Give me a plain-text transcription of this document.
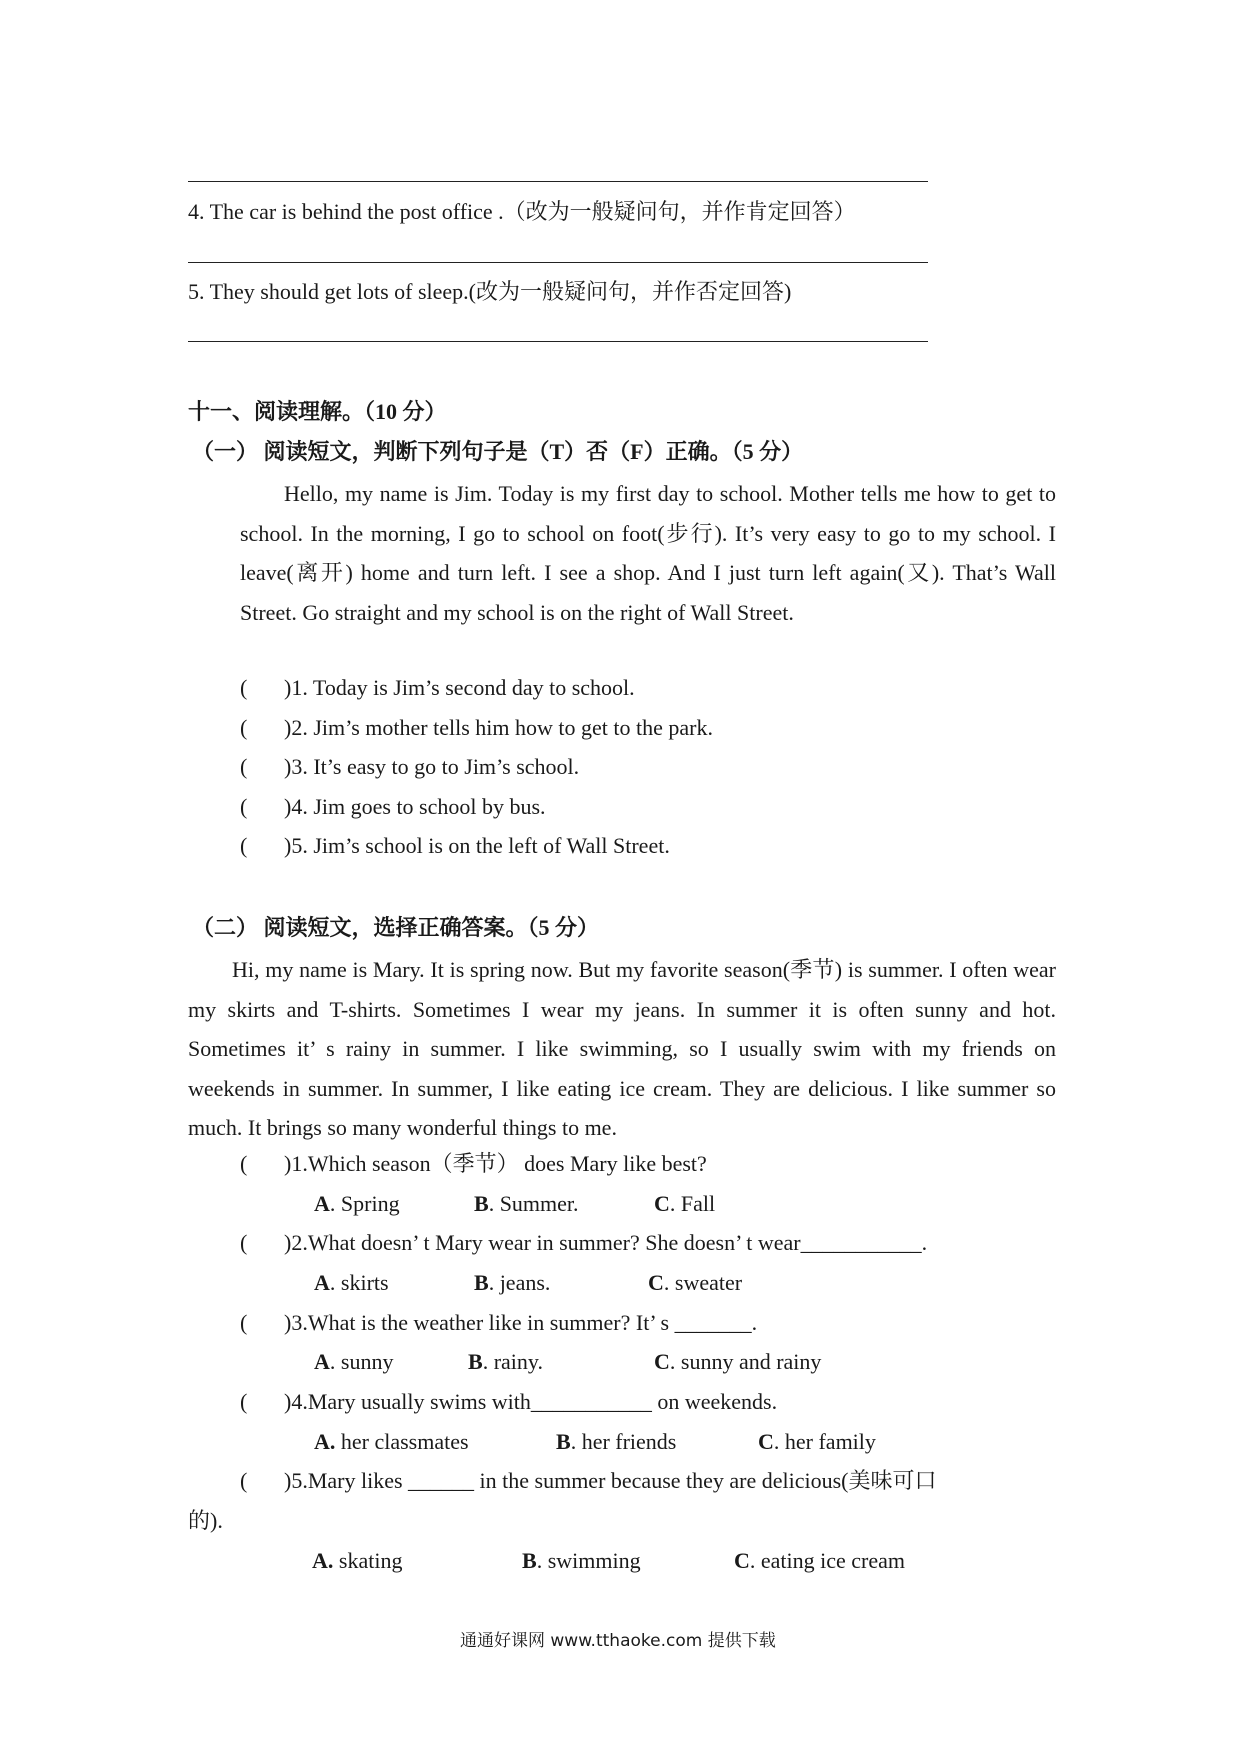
4. The car is behind the post office .（改为一般疑问句，并作肯定回答）
5. They should get lots of sleep.(改为一般疑问句，并作否定回答)
十一、阅读理解。（10 分）
（一） 阅读短文，判断下列句子是（T）否（F）正确。（5 分）
Hello, my name is Jim. Today is my first day to school. Mother tells me how to get to school. In the morning, I go to school on foot(步行). It’s very easy to go to my school. I leave(离开) home and turn left. I see a shop. And I just turn left again(又). That’s Wall Street. Go straight and my school is on the right of Wall Street.
( )1. Today is Jim’s second day to school.
( )2. Jim’s mother tells him how to get to the park.
( )3. It’s easy to go to Jim’s school.
( )4. Jim goes to school by bus.
( )5. Jim’s school is on the left of Wall Street.
（二） 阅读短文，选择正确答案。（5 分）
Hi, my name is Mary. It is spring now. But my favorite season(季节) is summer. I often wear my skirts and T-shirts. Sometimes I wear my jeans. In summer it is often sunny and hot. Sometimes it’ s rainy in summer. I like swimming, so I usually swim with my friends on weekends in summer. In summer, I like eating ice cream. They are delicious. I like summer so much. It brings so many wonderful things to me.
( )1.Which season（季节） does Mary like best?
A. Spring	B. Summer.	C. Fall
( )2.What doesn’ t Mary wear in summer? She doesn’ t wear___________.
A. skirts	B. jeans.	C. sweater
( )3.What is the weather like in summer? It’ s _______.
A. sunny	B. rainy.	C. sunny and rainy
( )4.Mary usually swims with___________ on weekends.
A. her classmates	B. her friends	C. her family
( )5.Mary likes ______ in the summer because they are delicious(美味可口
的).
A. skating	B. swimming	C. eating ice cream
通通好课网 www.tthaoke.com 提供下载
